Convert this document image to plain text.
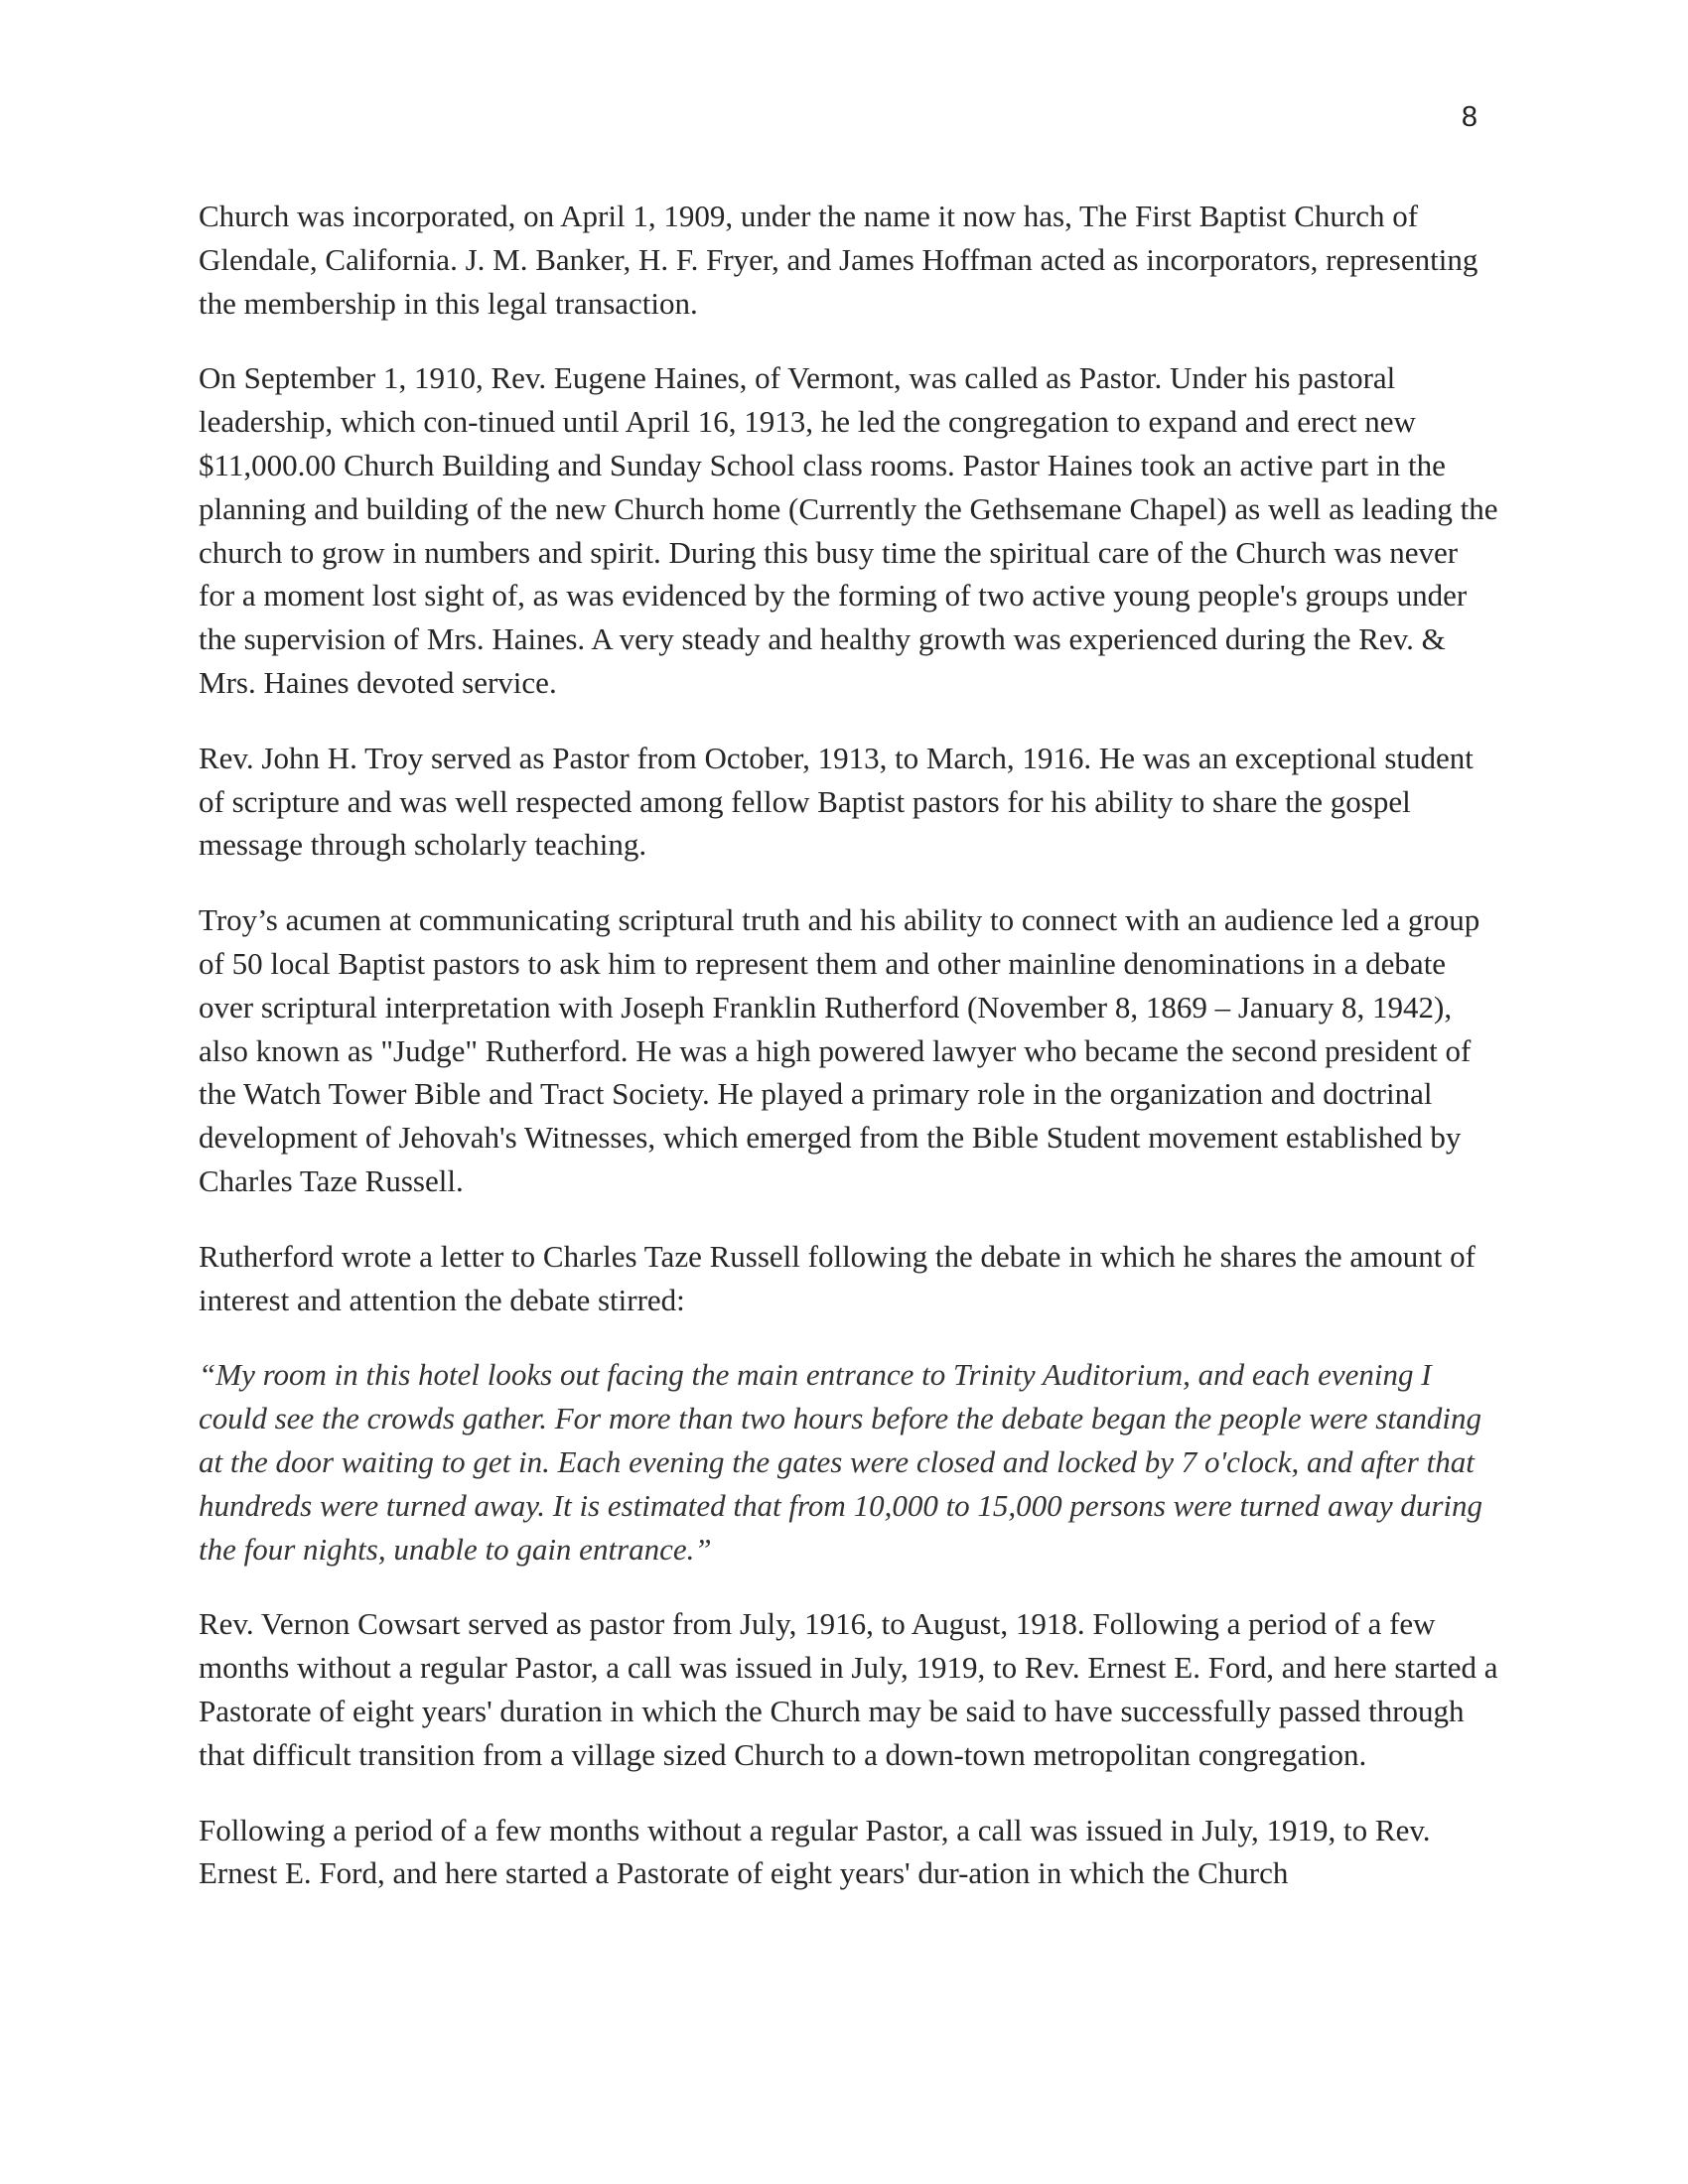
8

Church was incorporated, on April 1, 1909, under the name it now has, The First Baptist Church of Glendale, California. J. M. Banker, H. F. Fryer, and James Hoffman acted as incorporators, representing the membership in this legal transaction.

On September 1, 1910, Rev. Eugene Haines, of Vermont, was called as Pastor. Under his pastoral leadership, which con-tinued until April 16, 1913, he led the congregation to expand and erect new $11,000.00 Church Building and Sunday School class rooms. Pastor Haines took an active part in the planning and building of the new Church home (Currently the Gethsemane Chapel) as well as leading the church to grow in numbers and spirit. During this busy time the spiritual care of the Church was never for a moment lost sight of, as was evidenced by the forming of two active young people's groups under the supervision of Mrs. Haines. A very steady and healthy growth was experienced during the Rev. & Mrs. Haines devoted service.

Rev. John H. Troy served as Pastor from October, 1913, to March, 1916. He was an exceptional student of scripture and was well respected among fellow Baptist pastors for his ability to share the gospel message through scholarly teaching.

Troy’s acumen at communicating scriptural truth and his ability to connect with an audience led a group of 50 local Baptist pastors to ask him to represent them and other mainline denominations in a debate over scriptural interpretation with Joseph Franklin Rutherford (November 8, 1869 – January 8, 1942), also known as "Judge" Rutherford. He was a high powered lawyer who became the second president of the Watch Tower Bible and Tract Society. He played a primary role in the organization and doctrinal development of Jehovah's Witnesses, which emerged from the Bible Student movement established by Charles Taze Russell.

Rutherford wrote a letter to Charles Taze Russell following the debate in which he shares the amount of interest and attention the debate stirred:

“My room in this hotel looks out facing the main entrance to Trinity Auditorium, and each evening I could see the crowds gather. For more than two hours before the debate began the people were standing at the door waiting to get in. Each evening the gates were closed and locked by 7 o'clock, and after that hundreds were turned away. It is estimated that from 10,000 to 15,000 persons were turned away during the four nights, unable to gain entrance.”

Rev. Vernon Cowsart served as pastor from July, 1916, to August, 1918. Following a period of a few months without a regular Pastor, a call was issued in July, 1919, to Rev. Ernest E. Ford, and here started a Pastorate of eight years' duration in which the Church may be said to have successfully passed through that difficult transition from a village sized Church to a down-town metropolitan congregation.

Following a period of a few months without a regular Pastor, a call was issued in July, 1919, to Rev. Ernest E. Ford, and here started a Pastorate of eight years' dur-ation in which the Church
